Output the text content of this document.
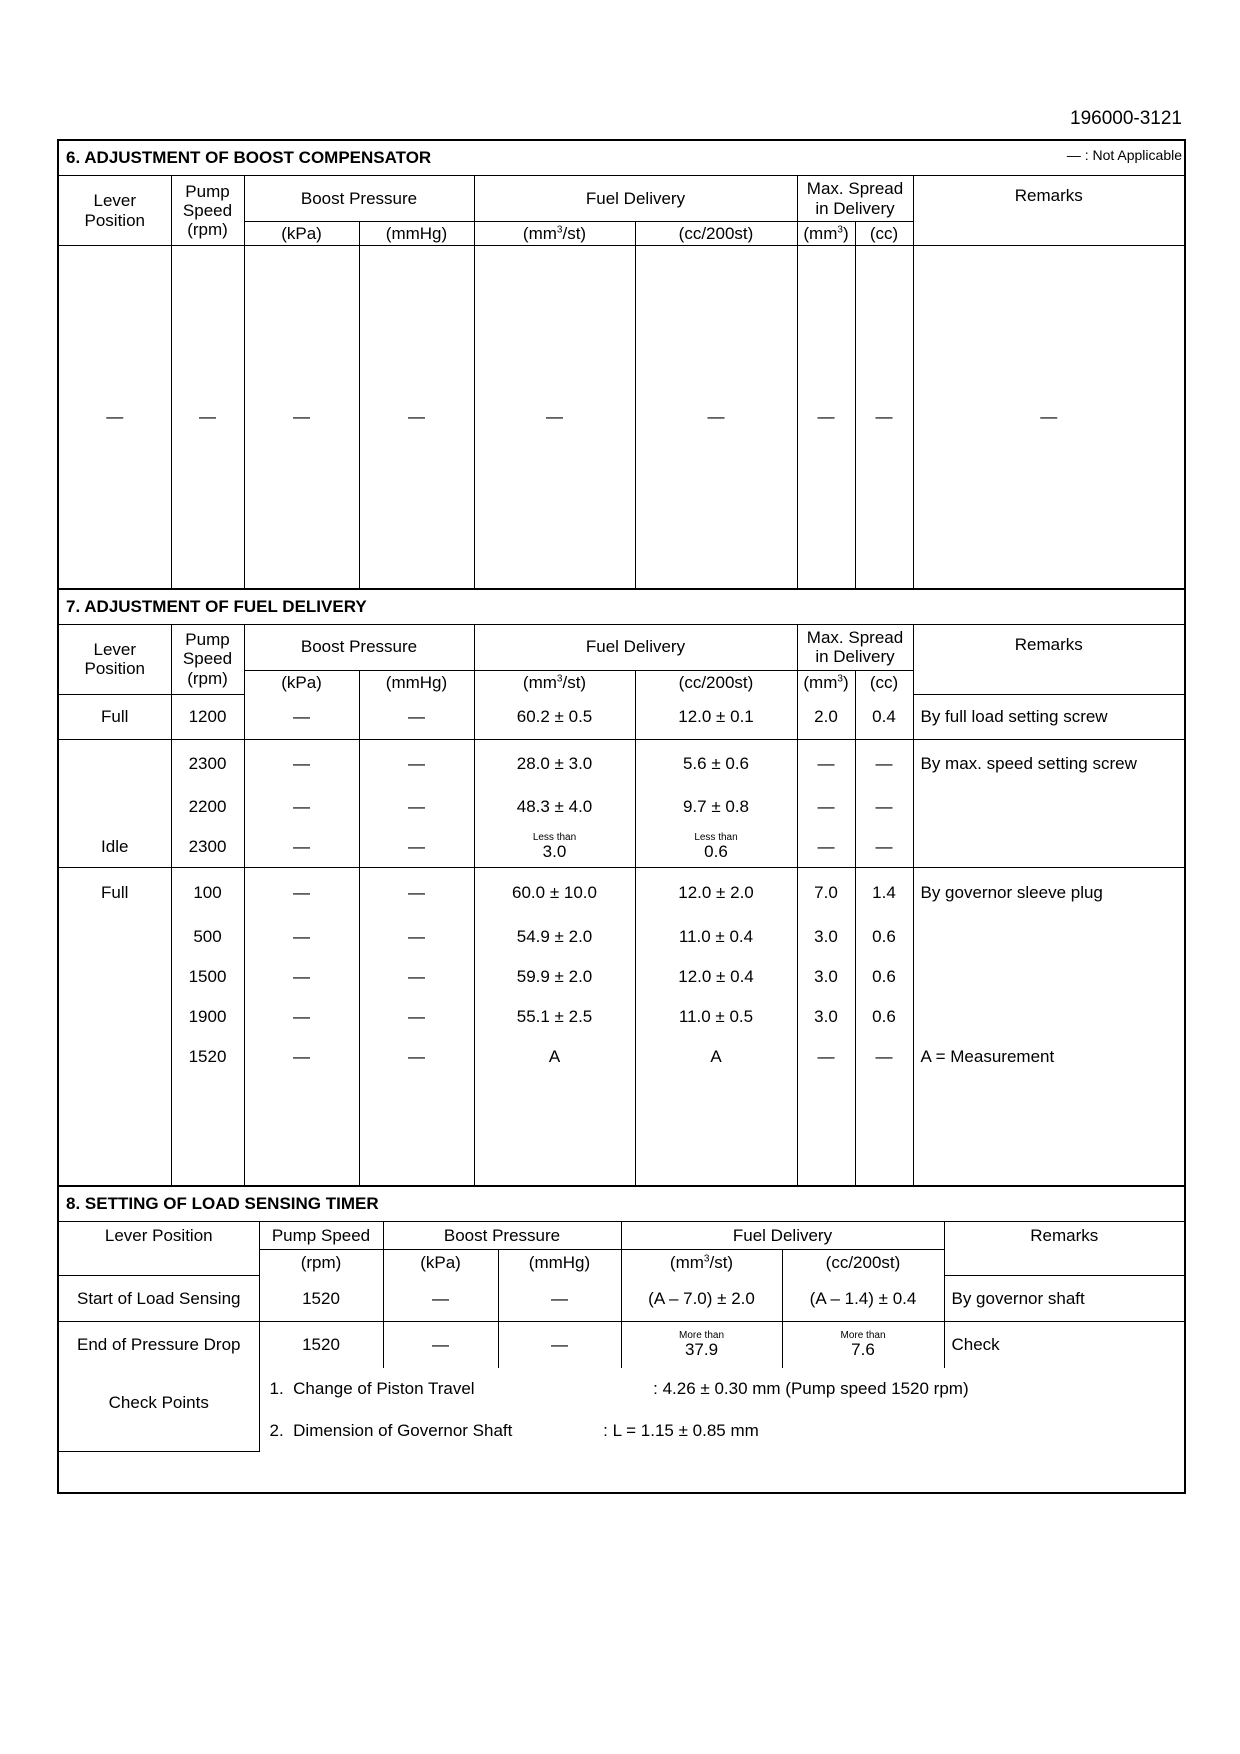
196000-3121
6. ADJUSTMENT OF BOOST COMPENSATOR — : Not Applicable								

Lever
Position	Pump
Speed
(rpm)	Boost Pressure		Fuel Delivery		Max. Spread
in Delivery		Remarks
		(kPa)	(mmHg)	$(mm^3/st)$	(cc/200st)	$(mm^3)$	(cc)	
—	—	—	—	—	—	—	—	—
7. ADJUSTMENT OF FUEL DELIVERY								
Lever
Position	Pump
Speed
(rpm)	Boost Pressure		Fuel Delivery		Max. Spread
in Delivery		Remarks
		(kPa)	(mmHg)	$(mm^3/st)$	(cc/200st)	$(mm^3)$	(cc)	
Full	1200	—	—	60.2 ± 0.5	12.0 ± 0.1	2.0	0.4	By full load setting screw
	2300	—	—	28.0 ± 3.0	5.6 ± 0.6	—	—	By max. speed setting screw
	2200	—	—	48.3 ± 4.0	9.7 ± 0.8	—	—	
Idle	2300	—	—	Less than
3.0	Less than
0.6	—	—	
Full	100	—	—	60.0 ± 10.0	12.0 ± 2.0	7.0	1.4	By governor sleeve plug
	500	—	—	54.9 ± 2.0	11.0 ± 0.4	3.0	0.6	
	1500	—	—	59.9 ± 2.0	12.0 ± 0.4	3.0	0.6	
	1900	—	—	55.1 ± 2.5	11.0 ± 0.5	3.0	0.6	
	1520	—	—	A	A	—	—	A = Measurement

8. SETTING OF LOAD SENSING TIMER						
Lever Position	Pump Speed	Boost Pressure		Fuel Delivery		Remarks
	(rpm)	(kPa)	(mmHg)	$(mm^3/st)$	(cc/200st)	
Start of Load Sensing	1520	—	—	(A – 7.0) ± 2.0	(A – 1.4) ± 0.4	By governor shaft
End of Pressure Drop	1520	—	—	More than
37.9	More than
7.6	Check
Check Points	1. Change of Piston Travel : 4.26 ± 0.30 mm (Pump speed 1520 rpm)					
	2. Dimension of Governor Shaft : L = 1.15 ± 0.85 mm					
